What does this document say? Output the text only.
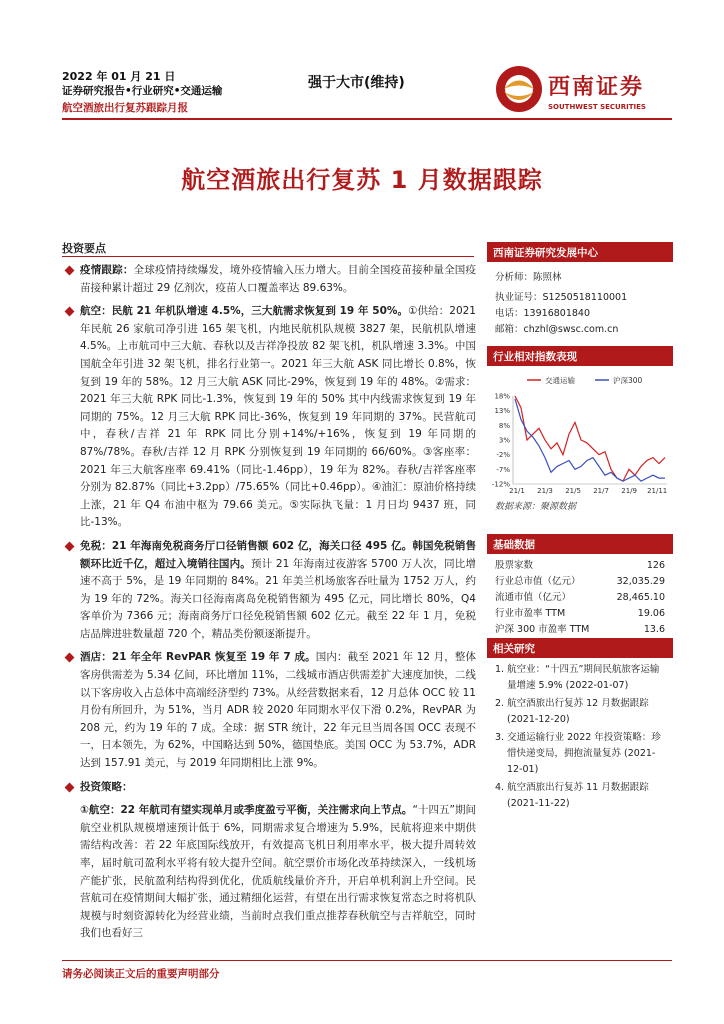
2022 年 01 月 21 日
证券研究报告•行业研究•交通运输
航空酒旅出行复苏跟踪月报
强于大市(维持)	西南证券
SOUTHWEST SECURITIES
航空酒旅出行复苏 1 月数据跟踪
投资要点
疫情跟踪：全球疫情持续爆发，境外疫情输入压力增大。目前全国疫苗接种量全国疫苗接种累计超过 29 亿剂次，疫苗人口覆盖率达 89.63%。
航空：民航 21 年机队增速 4.5%，三大航需求恢复到 19 年 50%。①供给：2021 年民航 26 家航司净引进 165 架飞机，内地民航机队规模 3827 架，民航机队增速 4.5%。上市航司中三大航、春秋以及吉祥净投放 82 架飞机，机队增速 3.3%。中国国航全年引进 32 架飞机，排名行业第一。2021 年三大航 ASK 同比增长 0.8%，恢复到 19 年的 58%。12 月三大航 ASK 同比-29%，恢复到 19 年的 48%。②需求：2021 年三大航 RPK 同比-1.3%，恢复到 19 年的 50% 其中内线需求恢复到 19 年同期的 75%。12 月三大航 RPK 同比-36%，恢复到 19 年同期的 37%。民营航司中，春秋/吉祥 21 年 RPK 同比分别+14%/+16%，恢复到 19 年同期的 87%/78%。春秋/吉祥 12 月 RPK 分别恢复到 19 年同期的 66/60%。③客座率：2021 年三大航客座率 69.41%（同比-1.46pp），19 年为 82%。春秋/吉祥客座率分别为 82.87%（同比+3.2pp）/75.65%（同比+0.46pp）。④油汇：原油价格持续上涨，21 年 Q4 布油中枢为 79.66 美元。⑤实际执飞量：1 月日均 9437 班，同比-13%。
免税：21 年海南免税商务厅口径销售额 602 亿，海关口径 495 亿。韩国免税销售额环比近千亿，超过入境销往国内。预计 21 年海南过夜游客 5700 万人次，同比增速不高于 5%，是 19 年同期的 84%。21 年美兰机场旅客吞吐量为 1752 万人，约为 19 年的 72%。海关口径海南离岛免税销售额为 495 亿元，同比增长 80%，Q4 客单价为 7366 元；海南商务厅口径免税销售额 602 亿元。截至 22 年 1 月，免税店品牌进驻数量超 720 个，精品类份额逐渐提升。
酒店：21 年全年 RevPAR 恢复至 19 年 7 成。国内：截至 2021 年 12 月，整体客房供需差为 5.34 亿间，环比增加 11%，二线城市酒店供需差扩大速度加快，二线以下客房收入占总体中高端经济型约 73%。从经营数据来看，12 月总体 OCC 较 11 月份有所回升，为 51%，当月 ADR 较 2020 年同期水平仅下滑 0.2%，RevPAR 为 208 元，约为 19 年的 7 成。全球：据 STR 统计，22 年元旦当周各国 OCC 表现不一，日本领先，为 62%，中国略达到 50%，德国垫底。美国 OCC 为 53.7%，ADR 达到 157.91 美元，与 2019 年同期相比上涨 9%。
投资策略：
①航空：22 年航司有望实现单月或季度盈亏平衡，关注需求向上节点。“十四五”期间航空业机队规模增速预计低于 6%，同期需求复合增速为 5.9%，民航将迎来中期供需结构改善：若 22 年底国际线放开，有效提高飞机日利用率水平，极大提升周转效率，届时航司盈利水平将有较大提升空间。航空票价市场化改革持续深入，一线机场产能扩张，民航盈利结构得到优化，优质航线量价齐升，开启单机利润上升空间。民营航司在疫情期间大幅扩张，通过精细化运营，有望在出行需求恢复常态之时将机队规模与时刻资源转化为经营业绩，当前时点我们重点推荐春秋航空与吉祥航空，同时我们也看好三
西南证券研究发展中心
分析师：陈照林
执业证号：S1250518110001
电话：13916801840
邮箱：chzhl@swsc.com.cn
行业相对指数表现
交通运输	沪深300
18%
13%
8%
3%
-2%
-7%
-12%
21/1 21/3 21/5 21/7 21/9 21/11
数据来源：聚源数据
基础数据
股票家数	126
行业总市值（亿元）	32,035.29
流通市值（亿元）	28,465.10
行业市盈率 TTM	19.06
沪深 300 市盈率 TTM	13.6
相关研究
1. 航空业：“十四五”期间民航旅客运输量增速 5.9% (2022-01-07)
2. 航空酒旅出行复苏 12 月数据跟踪 (2021-12-20)
3. 交通运输行业 2022 年投资策略：珍惜快递变局，拥抱流量复苏 (2021-12-01)
4. 航空酒旅出行复苏 11 月数据跟踪 (2021-11-22)
请务必阅读正文后的重要声明部分
